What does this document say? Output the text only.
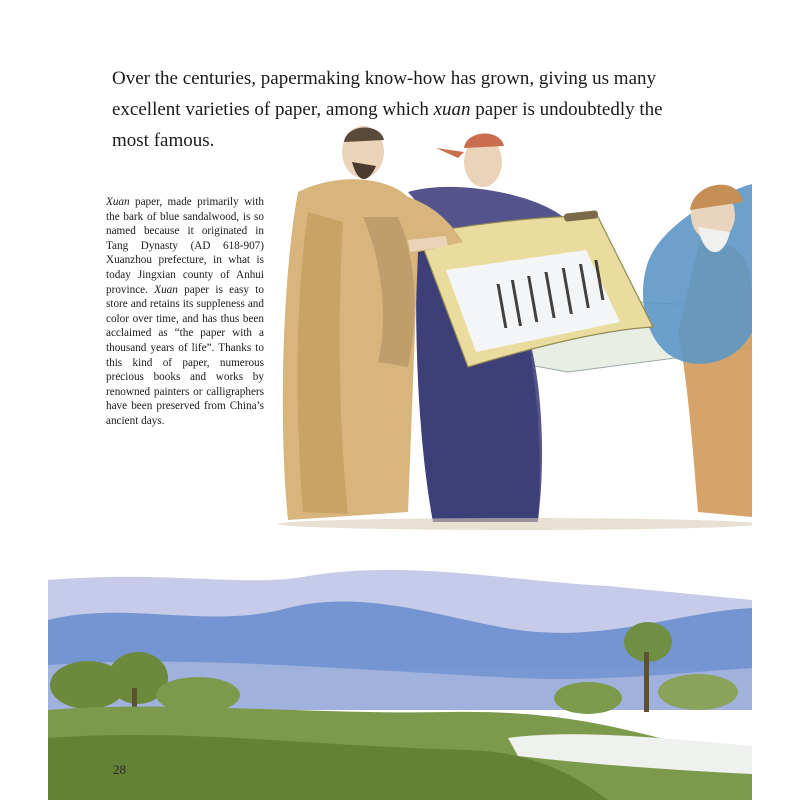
Over the centuries, papermaking know-how has grown, giving us many excellent varieties of paper, among which xuan paper is undoubtedly the most famous.

Xuan paper, made primarily with the bark of blue sandalwood, is so named because it originated in Tang Dynasty (AD 618-907) Xuanzhou prefecture, in what is today Jingxian county of Anhui province. Xuan paper is easy to store and retains its suppleness and color over time, and has thus been acclaimed as “the paper with a thousand years of life”. Thanks to this kind of paper, numerous precious books and works by renowned painters or calligraphers have been preserved from China’s ancient days.

28
